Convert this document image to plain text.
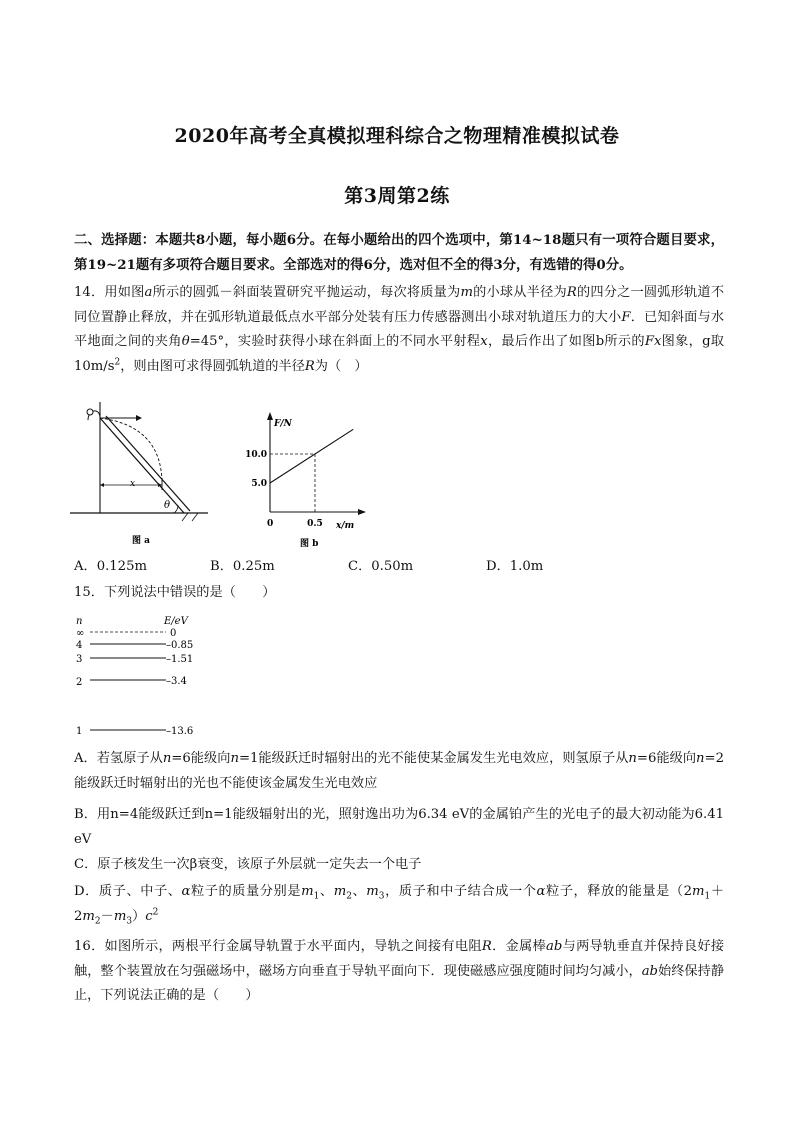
2020年高考全真模拟理科综合之物理精准模拟试卷
第3周第2练
二、选择题：本题共8小题，每小题6分。在每小题给出的四个选项中，第14~18题只有一项符合题目要求，第19~21题有多项符合题目要求。全部选对的得6分，选对但不全的得3分，有选错的得0分。
14．用如图a所示的圆弧－斜面装置研究平抛运动，每次将质量为m的小球从半径为R的四分之一圆弧形轨道不同位置静止释放，并在弧形轨道最低点水平部分处装有压力传感器测出小球对轨道压力的大小F．已知斜面与水平地面之间的夹角θ=45°，实验时获得小球在斜面上的不同水平射程x，最后作出了如图b所示的Fx图象，g取$10m/s^2$，则由图可求得圆弧轨道的半径R为（　）
x
θ
图 a
F/N
x/m
0	0.5
10.0
5.0
图 b
A．0.125m	B．0.25m	C．0.50m	D．1.0m
15．下列说法中错误的是（　　）
n	E/eV
∞	0
4	–0.85
3	–1.51
2	–3.4
1	–13.6
A．若氢原子从n=6能级向n=1能级跃迁时辐射出的光不能使某金属发生光电效应，则氢原子从n=6能级向n=2能级跃迁时辐射出的光也不能使该金属发生光电效应
B．用n=4能级跃迁到n=1能级辐射出的光，照射逸出功为6.34 eV的金属铂产生的光电子的最大初动能为6.41 eV
C．原子核发生一次β衰变，该原子外层就一定失去一个电子
D．质子、中子、α粒子的质量分别是$m_1$、$m_2$、$m_3$，质子和中子结合成一个α粒子，释放的能量是$(2m_1+2m_2-m_3)c^2$
16．如图所示，两根平行金属导轨置于水平面内，导轨之间接有电阻R．金属棒ab与两导轨垂直并保持良好接触，整个装置放在匀强磁场中，磁场方向垂直于导轨平面向下．现使磁感应强度随时间均匀减小，ab始终保持静止，下列说法正确的是（　　）
